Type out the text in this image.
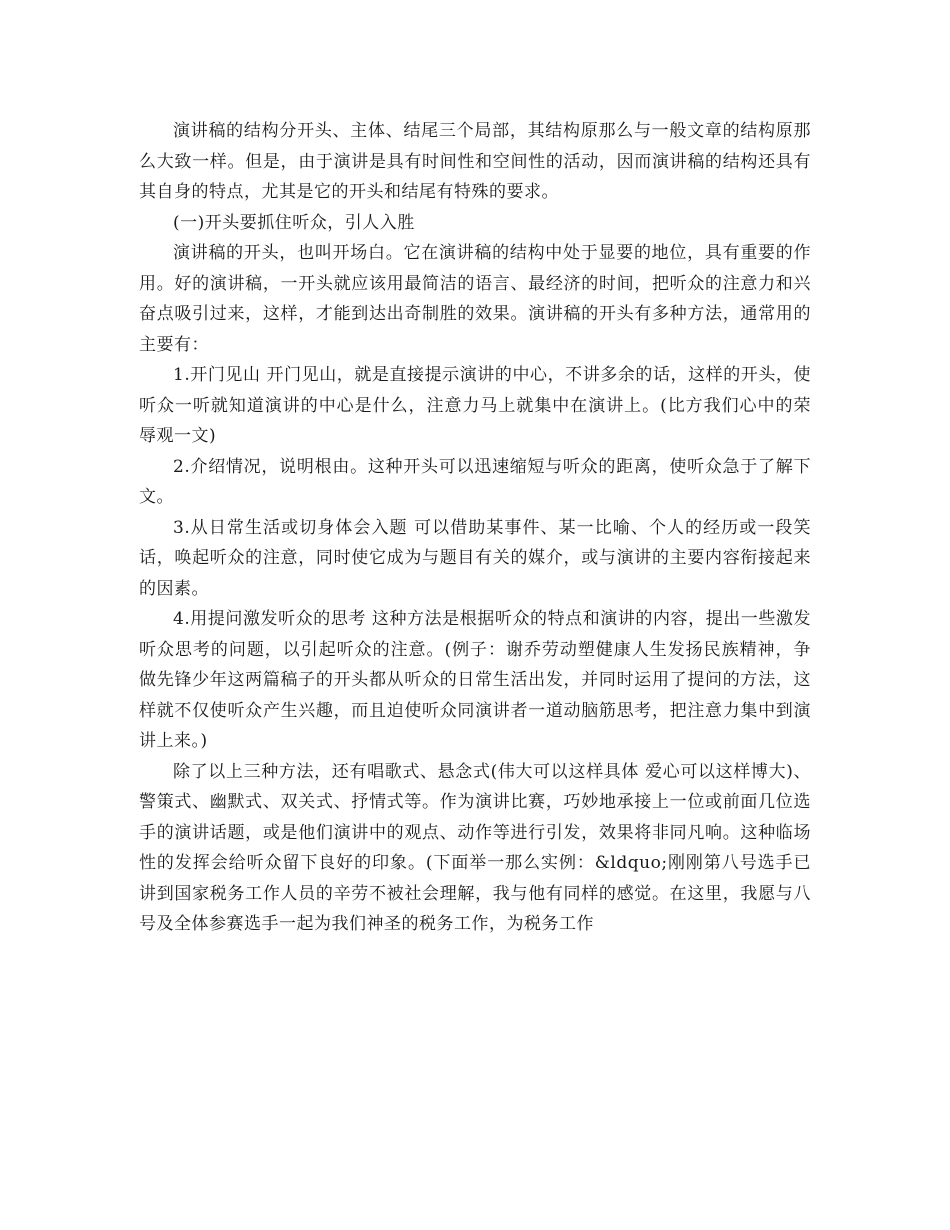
演讲稿的结构分开头、主体、结尾三个局部，其结构原那么与一般文章的结构原那么大致一样。但是，由于演讲是具有时间性和空间性的活动，因而演讲稿的结构还具有其自身的特点，尤其是它的开头和结尾有特殊的要求。

(一)开头要抓住听众，引人入胜

演讲稿的开头，也叫开场白。它在演讲稿的结构中处于显要的地位，具有重要的作用。好的演讲稿，一开头就应该用最简洁的语言、最经济的时间，把听众的注意力和兴奋点吸引过来，这样，才能到达出奇制胜的效果。演讲稿的开头有多种方法，通常用的主要有：

1.开门见山 开门见山，就是直接提示演讲的中心，不讲多余的话，这样的开头，使听众一听就知道演讲的中心是什么，注意力马上就集中在演讲上。(比方我们心中的荣辱观一文)

2.介绍情况，说明根由。这种开头可以迅速缩短与听众的距离，使听众急于了解下文。

3.从日常生活或切身体会入题 可以借助某事件、某一比喻、个人的经历或一段笑话，唤起听众的注意，同时使它成为与题目有关的媒介，或与演讲的主要内容衔接起来的因素。

4.用提问激发听众的思考 这种方法是根据听众的特点和演讲的内容，提出一些激发听众思考的问题，以引起听众的注意。(例子：谢乔劳动塑健康人生发扬民族精神，争做先锋少年这两篇稿子的开头都从听众的日常生活出发，并同时运用了提问的方法，这样就不仅使听众产生兴趣，而且迫使听众同演讲者一道动脑筋思考，把注意力集中到演讲上来。)

除了以上三种方法，还有唱歌式、悬念式(伟大可以这样具体 爱心可以这样博大)、警策式、幽默式、双关式、抒情式等。作为演讲比赛，巧妙地承接上一位或前面几位选手的演讲话题，或是他们演讲中的观点、动作等进行引发，效果将非同凡响。这种临场性的发挥会给听众留下良好的印象。(下面举一那么实例：&ldquo;刚刚第八号选手已讲到国家税务工作人员的辛劳不被社会理解，我与他有同样的感觉。在这里，我愿与八号及全体参赛选手一起为我们神圣的税务工作，为税务工作
